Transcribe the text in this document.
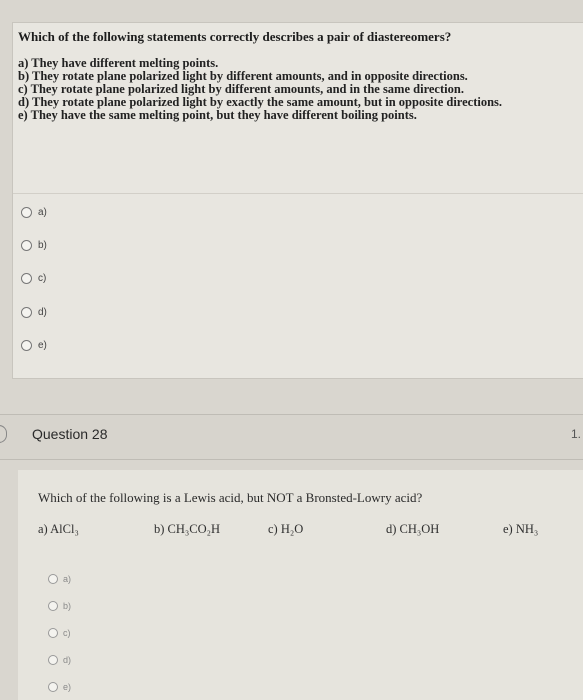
Which of the following statements correctly describes a pair of diastereomers?

a) They have different melting points.

b) They rotate plane polarized light by different amounts, and in opposite directions.

c) They rotate plane polarized light by different amounts, and in the same direction.

d) They rotate plane polarized light by exactly the same amount, but in opposite directions.

e) They have the same melting point, but they have different boiling points.

a)
b)
c)
d)
e)
Question 28	1.
Which of the following is a Lewis acid, but NOT a Bronsted-Lowry acid?
a) AlCl₃	b) CH₃CO₂H	c) H₂O	d) CH₃OH	e) NH₃
a)
b)
c)
d)
e)
